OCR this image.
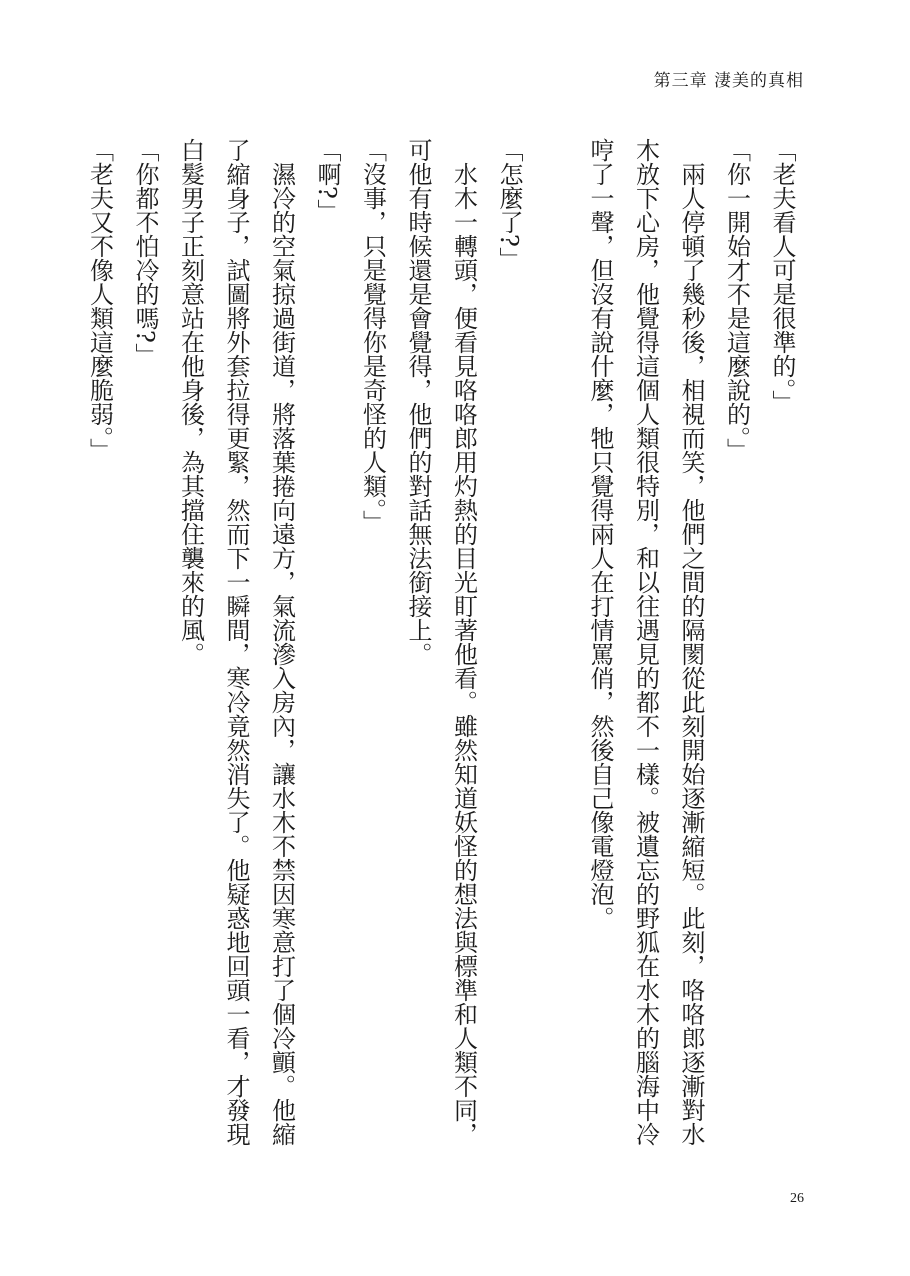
第三章 淒美的真相

「老夫看人可是很準的。」

「你一開始才不是這麼說的。」

兩人停頓了幾秒後，相視而笑，他們之間的隔閡從此刻開始逐漸縮短。此刻，咯咯郎逐漸對水木放下心房，他覺得這個人類很特別，和以往遇見的都不一樣。被遺忘的野狐在水木的腦海中冷哼了一聲，但沒有說什麼，牠只覺得兩人在打情罵俏，然後自己像電燈泡。

「怎麼了?」

水木一轉頭，便看見咯咯郎用灼熱的目光盯著他看。雖然知道妖怪的想法與標準和人類不同，可他有時候還是會覺得，他們的對話無法銜接上。

「沒事，只是覺得你是奇怪的人類。」

「啊?」

濕冷的空氣掠過街道，將落葉捲向遠方，氣流滲入房內，讓水木不禁因寒意打了個冷顫。他縮了縮身子，試圖將外套拉得更緊，然而下一瞬間，寒冷竟然消失了。他疑惑地回頭一看，才發現白髮男子正刻意站在他身後，為其擋住襲來的風。

「你都不怕冷的嗎?」

「老夫又不像人類這麼脆弱。」

26
